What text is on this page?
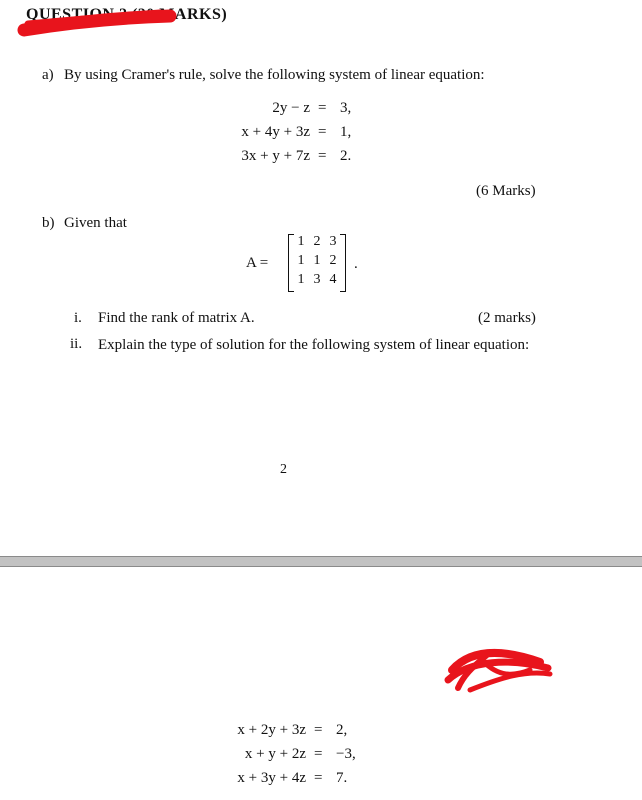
QUESTION 2 (20 MARKS)
a) By using Cramer's rule, solve the following system of linear equation:
2y − z = 3,
x + 4y + 3z = 1,
3x + y + 7z = 2.
(6 Marks)
b) Given that
A =
1 2 3
1 1 2
1 3 4
.
i. Find the rank of matrix A.	(2 marks)
ii. Explain the type of solution for the following system of linear equation:
2
x + 2y + 3z = 2,
x + y + 2z = −3,
x + 3y + 4z = 7.
